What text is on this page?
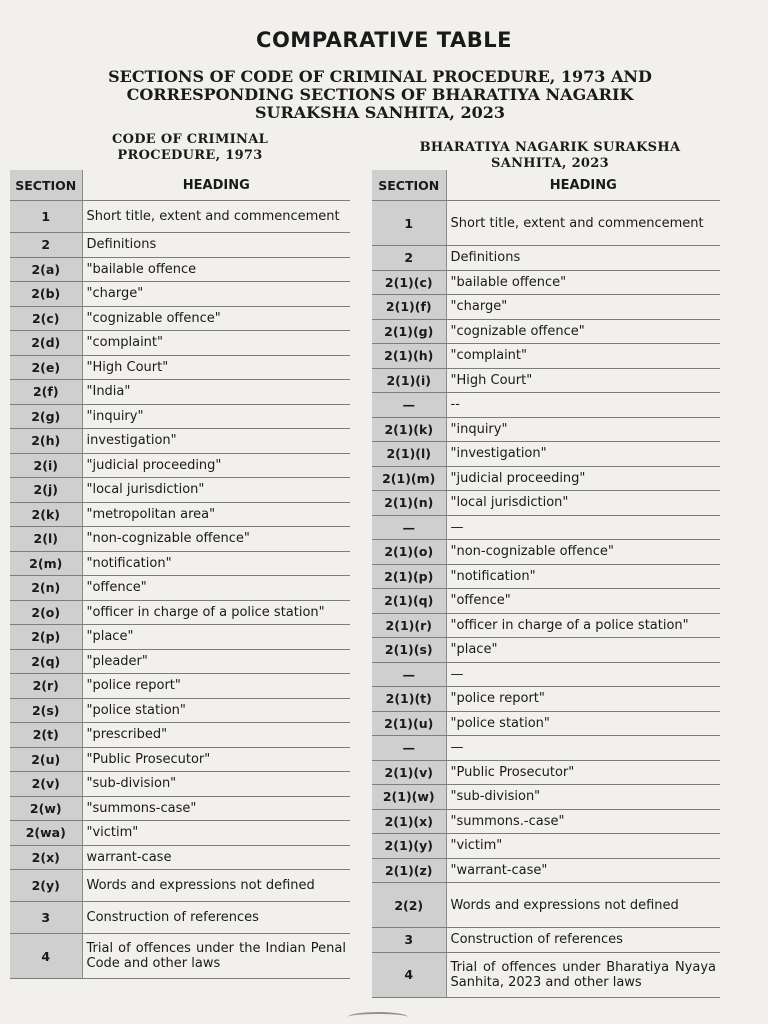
COMPARATIVE TABLE
SECTIONS OF CODE OF CRIMINAL PROCEDURE, 1973 AND
CORRESPONDING SECTIONS OF BHARATIYA NAGARIK
SURAKSHA SANHITA, 2023
CODE OF CRIMINAL
PROCEDURE, 1973
BHARATIYA NAGARIK SURAKSHA
SANHITA, 2023
SECTION	HEADING
1	Short title, extent and commencement
2	Definitions
2(a)	"bailable offence
2(b)	"charge"
2(c)	"cognizable offence"
2(d)	"complaint"
2(e)	"High Court"
2(f)	"India"
2(g)	"inquiry"
2(h)	investigation"
2(i)	"judicial proceeding"
2(j)	"local jurisdiction"
2(k)	"metropolitan area"
2(l)	"non-cognizable offence"
2(m)	"notification"
2(n)	"offence"
2(o)	"officer in charge of a police station"
2(p)	"place"
2(q)	"pleader"
2(r)	"police report"
2(s)	"police station"
2(t)	"prescribed"
2(u)	"Public Prosecutor"
2(v)	"sub-division"
2(w)	"summons-case"
2(wa)	"victim"
2(x)	warrant-case
2(y)	Words and expressions not defined
3	Construction of references
4	Trial of offences under the Indian Penal Code and other laws
SECTION	HEADING
1	Short title, extent and commencement
2	Definitions
2(1)(c)	"bailable offence"
2(1)(f)	"charge"
2(1)(g)	"cognizable offence"
2(1)(h)	"complaint"
2(1)(i)	"High Court"
—	--
2(1)(k)	"inquiry"
2(1)(l)	"investigation"
2(1)(m)	"judicial proceeding"
2(1)(n)	"local jurisdiction"
—	—
2(1)(o)	"non-cognizable offence"
2(1)(p)	"notification"
2(1)(q)	"offence"
2(1)(r)	"officer in charge of a police station"
2(1)(s)	"place"
—	—
2(1)(t)	"police report"
2(1)(u)	"police station"
—	—
2(1)(v)	"Public Prosecutor"
2(1)(w)	"sub-division"
2(1)(x)	"summons.-case"
2(1)(y)	"victim"
2(1)(z)	"warrant-case"
2(2)	Words and expressions not defined
3	Construction of references
4	Trial of offences under Bharatiya Nyaya Sanhita, 2023 and other laws
